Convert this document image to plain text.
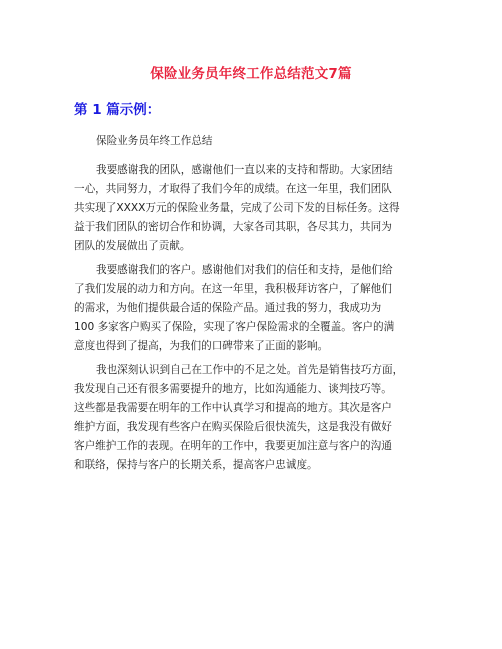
保险业务员年终工作总结范文7篇
第 1 篇示例：
保险业务员年终工作总结
我要感谢我的团队，感谢他们一直以来的支持和帮助。大家团结
一心，共同努力，才取得了我们今年的成绩。在这一年里，我们团队
共实现了XXXX万元的保险业务量，完成了公司下发的目标任务。这得
益于我们团队的密切合作和协调，大家各司其职，各尽其力，共同为
团队的发展做出了贡献。
我要感谢我们的客户。感谢他们对我们的信任和支持，是他们给
了我们发展的动力和方向。在这一年里，我积极拜访客户，了解他们
的需求，为他们提供最合适的保险产品。通过我的努力，我成功为
100 多家客户购买了保险，实现了客户保险需求的全覆盖。客户的满
意度也得到了提高，为我们的口碑带来了正面的影响。
我也深刻认识到自己在工作中的不足之处。首先是销售技巧方面，
我发现自己还有很多需要提升的地方，比如沟通能力、谈判技巧等。
这些都是我需要在明年的工作中认真学习和提高的地方。其次是客户
维护方面，我发现有些客户在购买保险后很快流失，这是我没有做好
客户维护工作的表现。在明年的工作中，我要更加注意与客户的沟通
和联络，保持与客户的长期关系，提高客户忠诚度。
